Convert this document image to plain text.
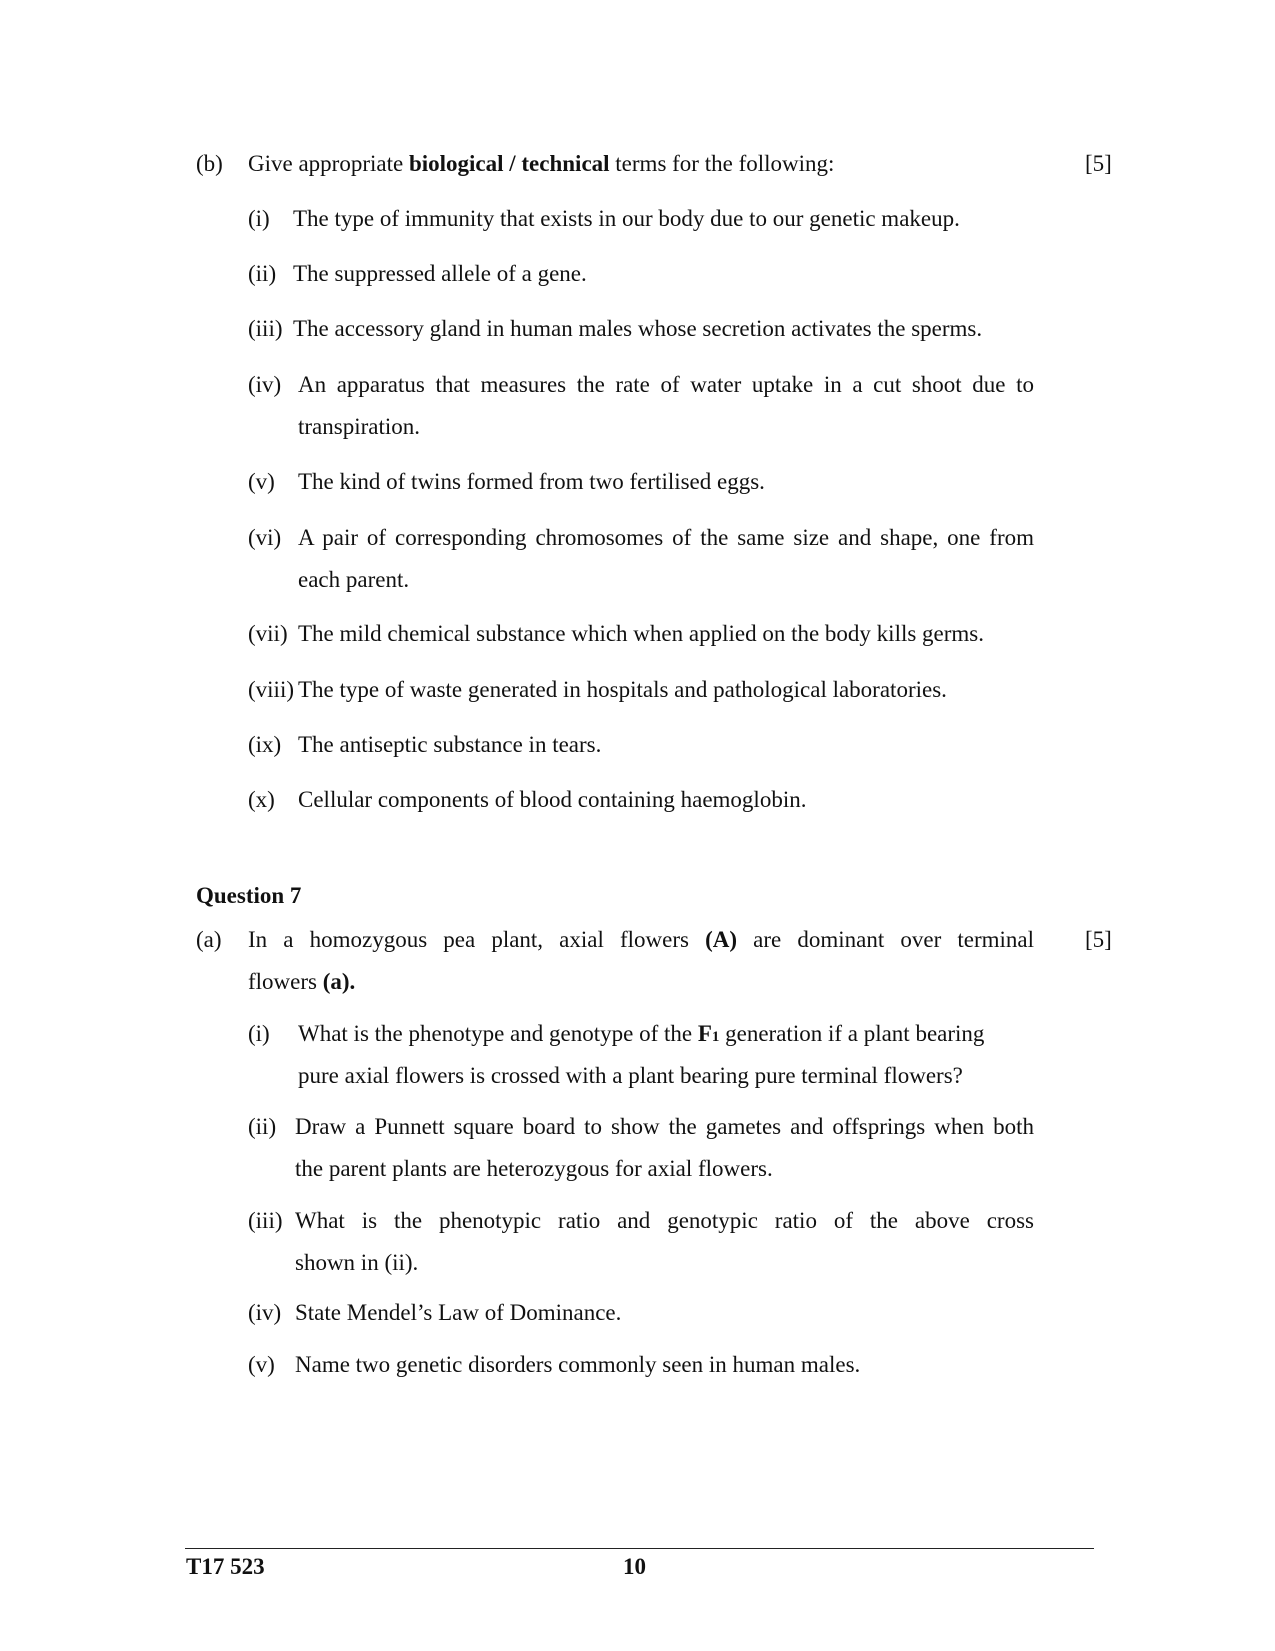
(b) Give appropriate biological / technical terms for the following:	[5]
(i) The type of immunity that exists in our body due to our genetic makeup.
(ii) The suppressed allele of a gene.
(iii) The accessory gland in human males whose secretion activates the sperms.
(iv) An apparatus that measures the rate of water uptake in a cut shoot due to
transpiration.
(v) The kind of twins formed from two fertilised eggs.
(vi) A pair of corresponding chromosomes of the same size and shape, one from
each parent.
(vii) The mild chemical substance which when applied on the body kills germs.
(viii) The type of waste generated in hospitals and pathological laboratories.
(ix) The antiseptic substance in tears.
(x) Cellular components of blood containing haemoglobin.
Question 7
(a) In a homozygous pea plant, axial flowers (A) are dominant over terminal [5]
flowers (a).
(i) What is the phenotype and genotype of the F1 generation if a plant bearing
pure axial flowers is crossed with a plant bearing pure terminal flowers?
(ii) Draw a Punnett square board to show the gametes and offsprings when both
the parent plants are heterozygous for axial flowers.
(iii) What is the phenotypic ratio and genotypic ratio of the above cross
shown in (ii).
(iv) State Mendel’s Law of Dominance.
(v) Name two genetic disorders commonly seen in human males.
T17 523	10
